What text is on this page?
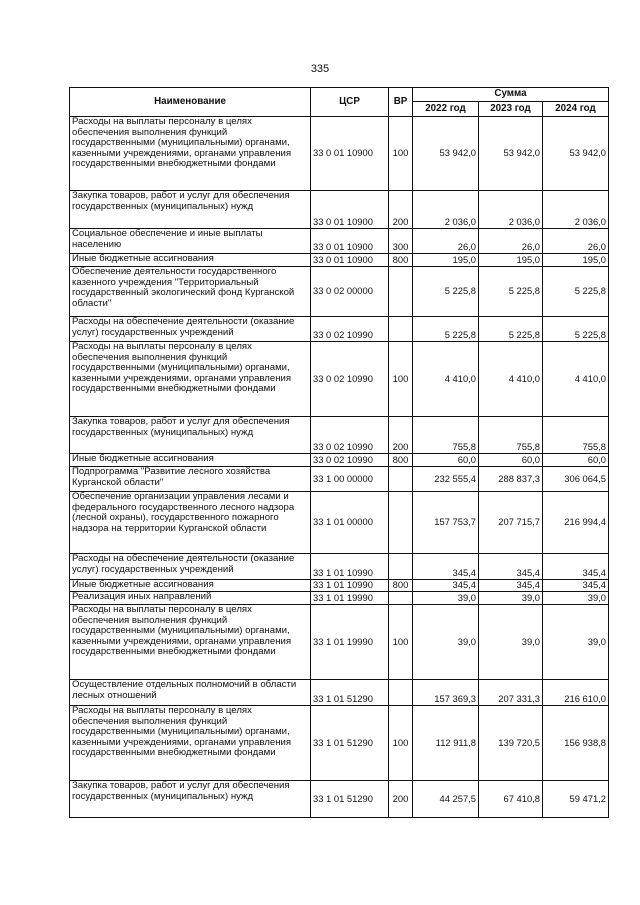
335
Наименование	ЦСР	ВР	Сумма		
			2022 год	2023 год	2024 год
Расходы на выплаты персоналу в целях обеспечения выполнения функций государственными (муниципальными) органами, казенными учреждениями, органами управления государственными внебюджетными фондами	33 0 01 10900	100	53 942,0	53 942,0	53 942,0
Закупка товаров, работ и услуг для обеспечения государственных (муниципальных) нужд	33 0 01 10900	200	2 036,0	2 036,0	2 036,0
Социальное обеспечение и иные выплаты населению	33 0 01 10900	300	26,0	26,0	26,0
Иные бюджетные ассигнования	33 0 01 10900	800	195,0	195,0	195,0
Обеспечение деятельности государственного казенного учреждения "Территориальный государственный экологический фонд Курганской области"	33 0 02 00000		5 225,8	5 225,8	5 225,8
Расходы на обеспечение деятельности (оказание услуг) государственных учреждений	33 0 02 10990		5 225,8	5 225,8	5 225,8
Расходы на выплаты персоналу в целях обеспечения выполнения функций государственными (муниципальными) органами, казенными учреждениями, органами управления государственными внебюджетными фондами	33 0 02 10990	100	4 410,0	4 410,0	4 410,0
Закупка товаров, работ и услуг для обеспечения государственных (муниципальных) нужд	33 0 02 10990	200	755,8	755,8	755,8
Иные бюджетные ассигнования	33 0 02 10990	800	60,0	60,0	60,0
Подпрограмма "Развитие лесного хозяйства Курганской области"	33 1 00 00000		232 555,4	288 837,3	306 064,5
Обеспечение организации управления лесами и федерального государственного лесного надзора (лесной охраны), государственного пожарного надзора на территории Курганской области	33 1 01 00000		157 753,7	207 715,7	216 994,4
Расходы на обеспечение деятельности (оказание услуг) государственных учреждений	33 1 01 10990		345,4	345,4	345,4
Иные бюджетные ассигнования	33 1 01 10990	800	345,4	345,4	345,4
Реализация иных направлений	33 1 01 19990		39,0	39,0	39,0
Расходы на выплаты персоналу в целях обеспечения выполнения функций государственными (муниципальными) органами, казенными учреждениями, органами управления государственными внебюджетными фондами	33 1 01 19990	100	39,0	39,0	39,0
Осуществление отдельных полномочий в области лесных отношений	33 1 01 51290		157 369,3	207 331,3	216 610,0
Расходы на выплаты персоналу в целях обеспечения выполнения функций государственными (муниципальными) органами, казенными учреждениями, органами управления государственными внебюджетными фондами	33 1 01 51290	100	112 911,8	139 720,5	156 938,8
Закупка товаров, работ и услуг для обеспечения государственных (муниципальных) нужд	33 1 01 51290	200	44 257,5	67 410,8	59 471,2
